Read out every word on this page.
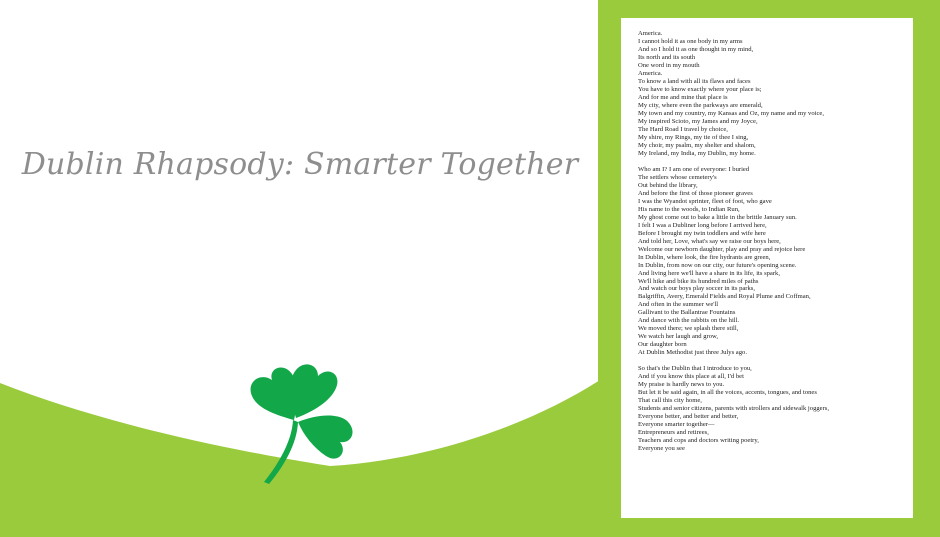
Dublin Rhapsody: Smarter Together
America.
I cannot hold it as one body in my arms
And so I hold it as one thought in my mind,
Its north and its south
One word in my mouth
America.
To know a land with all its flaws and faces
You have to know exactly where your place is;
And for me and mine that place is
My city, where even the parkways are emerald,
My town and my country, my Kansas and Oz, my name and my voice,
My inspired Scioto, my James and my Joyce,
The Hard Road I travel by choice,
My shire, my Rings, my tie of thee I sing,
My choir, my psalm, my shelter and shalom,
My Ireland, my India, my Dublin, my home.
Who am I? I am one of everyone: I buried
The settlers whose cemetery's
Out behind the library,
And before the first of those pioneer graves
I was the Wyandot sprinter, fleet of foot, who gave
His name to the woods, to Indian Run,
My ghost come out to bake a little in the brittle January sun.
I felt I was a Dubliner long before I arrived here,
Before I brought my twin toddlers and wife here
And told her, Love, what's say we raise our boys here,
Welcome our newborn daughter, play and pray and rejoice here
In Dublin, where look, the fire hydrants are green,
In Dublin, from now on our city, our future's opening scene.
And living here we'll have a share in its life, its spark,
We'll hike and bike its hundred miles of paths
And watch our boys play soccer in its parks,
Balgriffin, Avery, Emerald Fields and Royal Plume and Coffman,
And often in the summer we'll
Gallivant to the Ballantrae Fountains
And dance with the rabbits on the hill.
We moved there; we splash there still,
We watch her laugh and grow,
Our daughter born
At Dublin Methodist just three Julys ago.
So that's the Dublin that I introduce to you,
And if you know this place at all, I'd bet
My praise is hardly news to you.
But let it be said again, in all the voices, accents, tongues, and tones
That call this city home,
Students and senior citizens, parents with strollers and sidewalk joggers,
Everyone better, and better and better,
Everyone smarter together—
Entrepreneurs and retirees,
Teachers and cops and doctors writing poetry,
Everyone you see
